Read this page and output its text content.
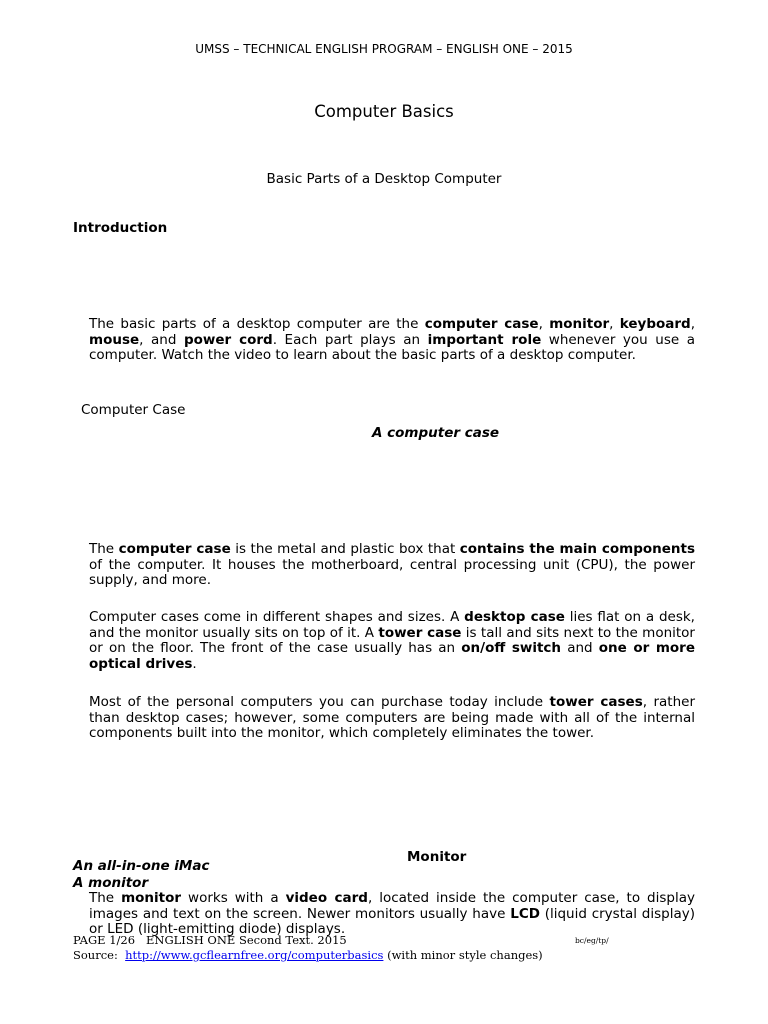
UMSS – TECHNICAL ENGLISH PROGRAM – ENGLISH ONE – 2015
Computer Basics
Basic Parts of a Desktop Computer
Introduction

The basic parts of a desktop computer are the computer case, monitor, keyboard, mouse, and power cord. Each part plays an important role whenever you use a computer. Watch the video to learn about the basic parts of a desktop computer.

Computer Case
A computer case

The computer case is the metal and plastic box that contains the main components of the computer. It houses the motherboard, central processing unit (CPU), the power supply, and more.

Computer cases come in different shapes and sizes. A desktop case lies flat on a desk, and the monitor usually sits on top of it. A tower case is tall and sits next to the monitor or on the floor. The front of the case usually has an on/off switch and one or more optical drives.

Most of the personal computers you can purchase today include tower cases, rather than desktop cases; however, some computers are being made with all of the internal components built into the monitor, which completely eliminates the tower.

Monitor
An all-in-one iMac
A monitor

The monitor works with a video card, located inside the computer case, to display images and text on the screen. Newer monitors usually have LCD (liquid crystal display) or LED (light-emitting diode) displays.

PAGE 1/26 ENGLISH ONE Second Text. 2015	bc/eg/tp/
Source: http://www.gcflearnfree.org/computerbasics (with minor style changes)
